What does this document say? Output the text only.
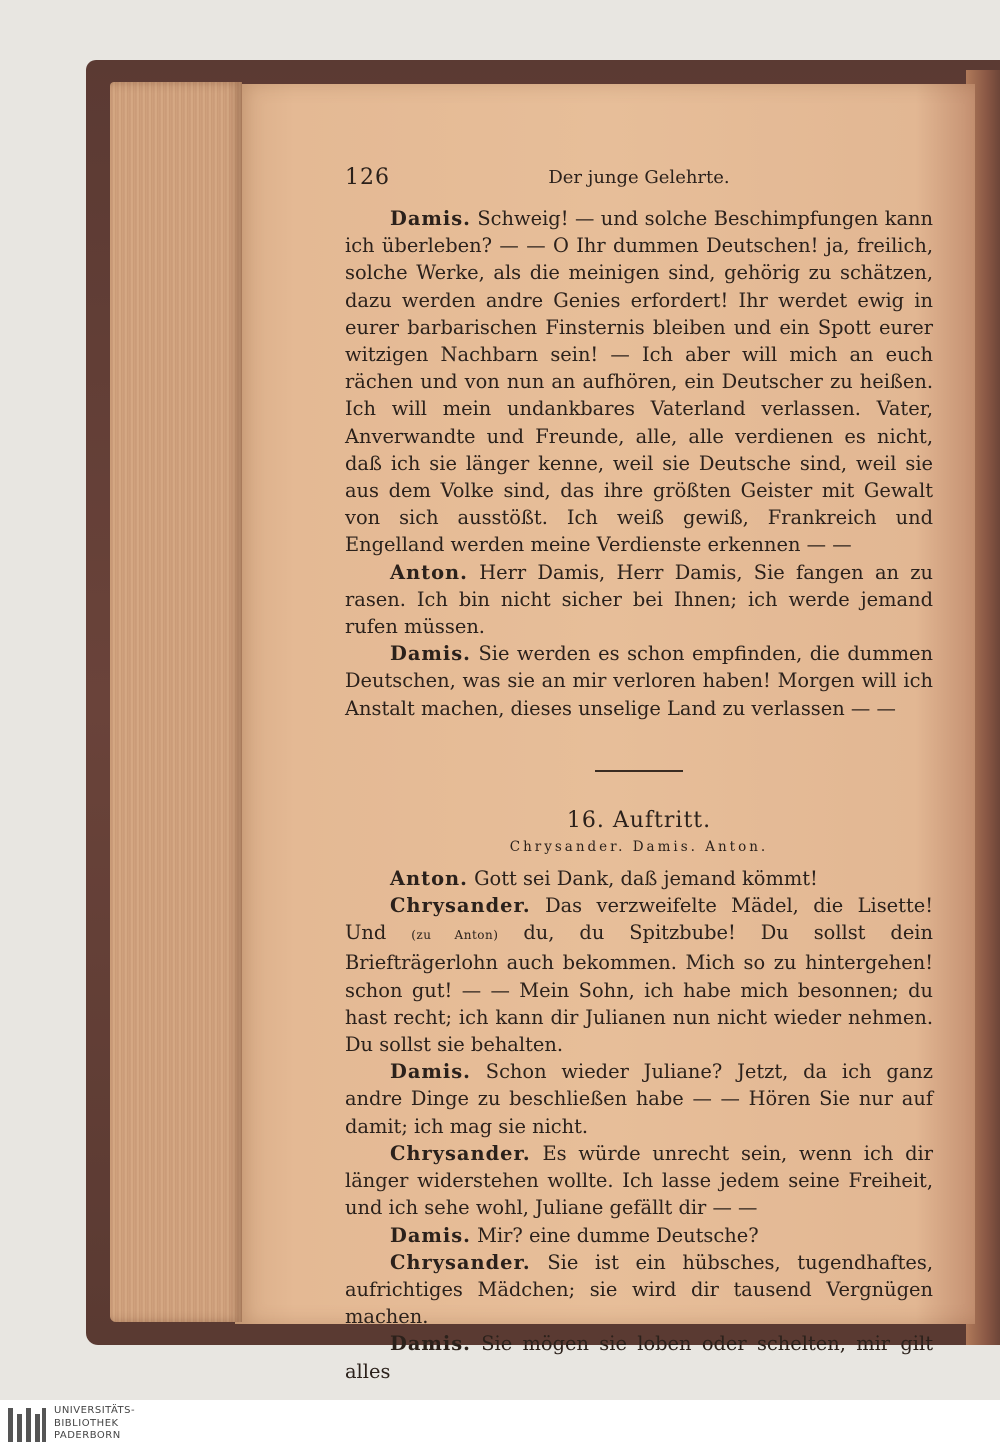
126	Der junge Gelehrte.

Damis. Schweig! — und solche Beschimpfungen kann ich überleben? — — O Ihr dummen Deutschen! ja, freilich, solche Werke, als die meinigen sind, gehörig zu schätzen, dazu werden andre Genies erfordert! Ihr werdet ewig in eurer barbarischen Finsternis bleiben und ein Spott eurer witzigen Nachbarn sein! — Ich aber will mich an euch rächen und von nun an aufhören, ein Deutscher zu heißen. Ich will mein undankbares Vaterland verlassen. Vater, Anverwandte und Freunde, alle, alle verdienen es nicht, daß ich sie länger kenne, weil sie Deutsche sind, weil sie aus dem Volke sind, das ihre größten Geister mit Gewalt von sich ausstößt. Ich weiß gewiß, Frankreich und Engelland werden meine Verdienste erkennen — —

Anton. Herr Damis, Herr Damis, Sie fangen an zu rasen. Ich bin nicht sicher bei Ihnen; ich werde jemand rufen müssen.

Damis. Sie werden es schon empfinden, die dummen Deutschen, was sie an mir verloren haben! Morgen will ich Anstalt machen, dieses unselige Land zu verlassen — —

16. Auftritt.

Chrysander. Damis. Anton.

Anton. Gott sei Dank, daß jemand kömmt!

Chrysander. Das verzweifelte Mädel, die Lisette! Und (zu Anton) du, du Spitzbube! Du sollst dein Briefträgerlohn auch bekommen. Mich so zu hintergehen! schon gut! — — Mein Sohn, ich habe mich besonnen; du hast recht; ich kann dir Julianen nun nicht wieder nehmen. Du sollst sie behalten.

Damis. Schon wieder Juliane? Jetzt, da ich ganz andre Dinge zu beschließen habe — — Hören Sie nur auf damit; ich mag sie nicht.

Chrysander. Es würde unrecht sein, wenn ich dir länger widerstehen wollte. Ich lasse jedem seine Freiheit, und ich sehe wohl, Juliane gefällt dir — —

Damis. Mir? eine dumme Deutsche?

Chrysander. Sie ist ein hübsches, tugendhaftes, aufrichtiges Mädchen; sie wird dir tausend Vergnügen machen.

Damis. Sie mögen sie loben oder schelten, mir gilt alles

UNIVERSITÄTS-
BIBLIOTHEK
PADERBORN
